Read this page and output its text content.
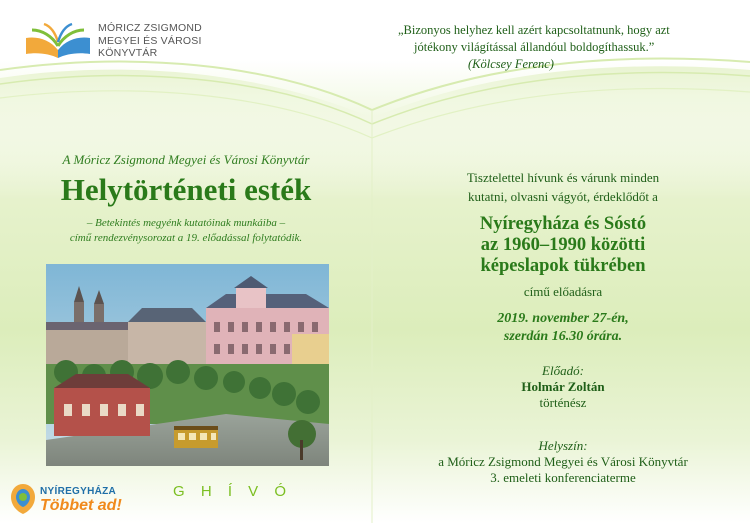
MÓRICZ ZSIGMOND
MEGYEI ÉS VÁROSI
KÖNYVTÁR
„Bizonyos helyhez kell azért kapcsoltatnunk, hogy azt
jótékony világítással állandóul boldogíthassuk.”
(Kölcsey Ferenc)
A Móricz Zsigmond Megyei és Városi Könyvtár
Helytörténeti esték
– Betekintés megyénk kutatóinak munkáiba –
című rendezvénysorozat a 19. előadással folytatódik.
NYÍREGYHÁZA
Többet ad!
G H Í V Ó
Tisztelettel hívunk és várunk minden
kutatni, olvasni vágyót, érdeklődőt a
Nyíregyháza és Sóstó
az 1960–1990 közötti
képeslapok tükrében
című előadásra
2019. november 27-én,
szerdán 16.30 órára.
Előadó:
Holmár Zoltán
történész
Helyszín:
a Móricz Zsigmond Megyei és Városi Könyvtár
3. emeleti konferenciaterme
